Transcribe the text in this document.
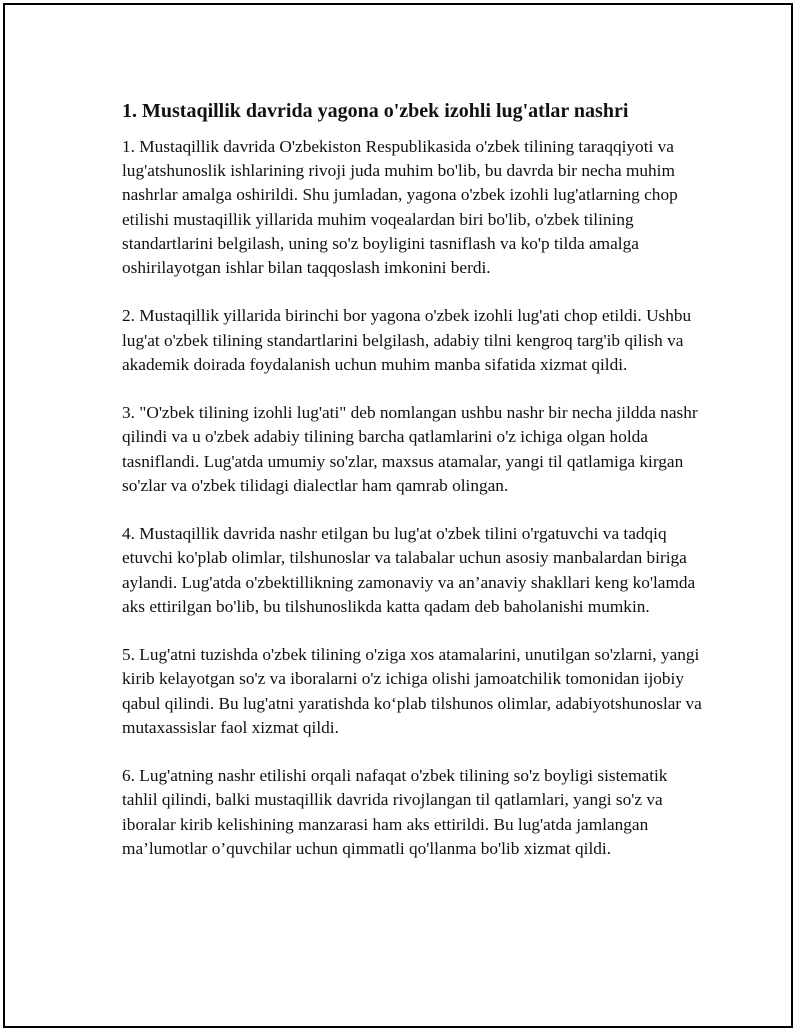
1. Mustaqillik davrida yagona o'zbek izohli lug'atlar nashri

1. Mustaqillik davrida O'zbekiston Respublikasida o'zbek tilining taraqqiyoti va lug'atshunoslik ishlarining rivoji juda muhim bo'lib, bu davrda bir necha muhim nashrlar amalga oshirildi. Shu jumladan, yagona o'zbek izohli lug'atlarning chop etilishi mustaqillik yillarida muhim voqealardan biri bo'lib, o'zbek tilining standartlarini belgilash, uning so'z boyligini tasniflash va ko'p tilda amalga oshirilayotgan ishlar bilan taqqoslash imkonini berdi.

2. Mustaqillik yillarida birinchi bor yagona o'zbek izohli lug'ati chop etildi. Ushbu lug'at o'zbek tilining standartlarini belgilash, adabiy tilni kengroq targ'ib qilish va akademik doirada foydalanish uchun muhim manba sifatida xizmat qildi.

3. "O'zbek tilining izohli lug'ati" deb nomlangan ushbu nashr bir necha jildda nashr qilindi va u o'zbek adabiy tilining barcha qatlamlarini o'z ichiga olgan holda tasniflandi. Lug'atda umumiy so'zlar, maxsus atamalar, yangi til qatlamiga kirgan so'zlar va o'zbek tilidagi dialectlar ham qamrab olingan.

4. Mustaqillik davrida nashr etilgan bu lug'at o'zbek tilini o'rgatuvchi va tadqiq etuvchi ko'plab olimlar, tilshunoslar va talabalar uchun asosiy manbalardan biriga aylandi. Lug'atda o'zbektillikning zamonaviy va an’anaviy shakllari keng ko'lamda aks ettirilgan bo'lib, bu tilshunoslikda katta qadam deb baholanishi mumkin.

5. Lug'atni tuzishda o'zbek tilining o'ziga xos atamalarini, unutilgan so'zlarni, yangi kirib kelayotgan so'z va iboralarni o'z ichiga olishi jamoatchilik tomonidan ijobiy qabul qilindi. Bu lug'atni yaratishda ko‘plab tilshunos olimlar, adabiyotshunoslar va mutaxassislar faol xizmat qildi.

6. Lug'atning nashr etilishi orqali nafaqat o'zbek tilining so'z boyligi sistematik tahlil qilindi, balki mustaqillik davrida rivojlangan til qatlamlari, yangi so'z va iboralar kirib kelishining manzarasi ham aks ettirildi. Bu lug'atda jamlangan ma’lumotlar o’quvchilar uchun qimmatli qo'llanma bo'lib xizmat qildi.
